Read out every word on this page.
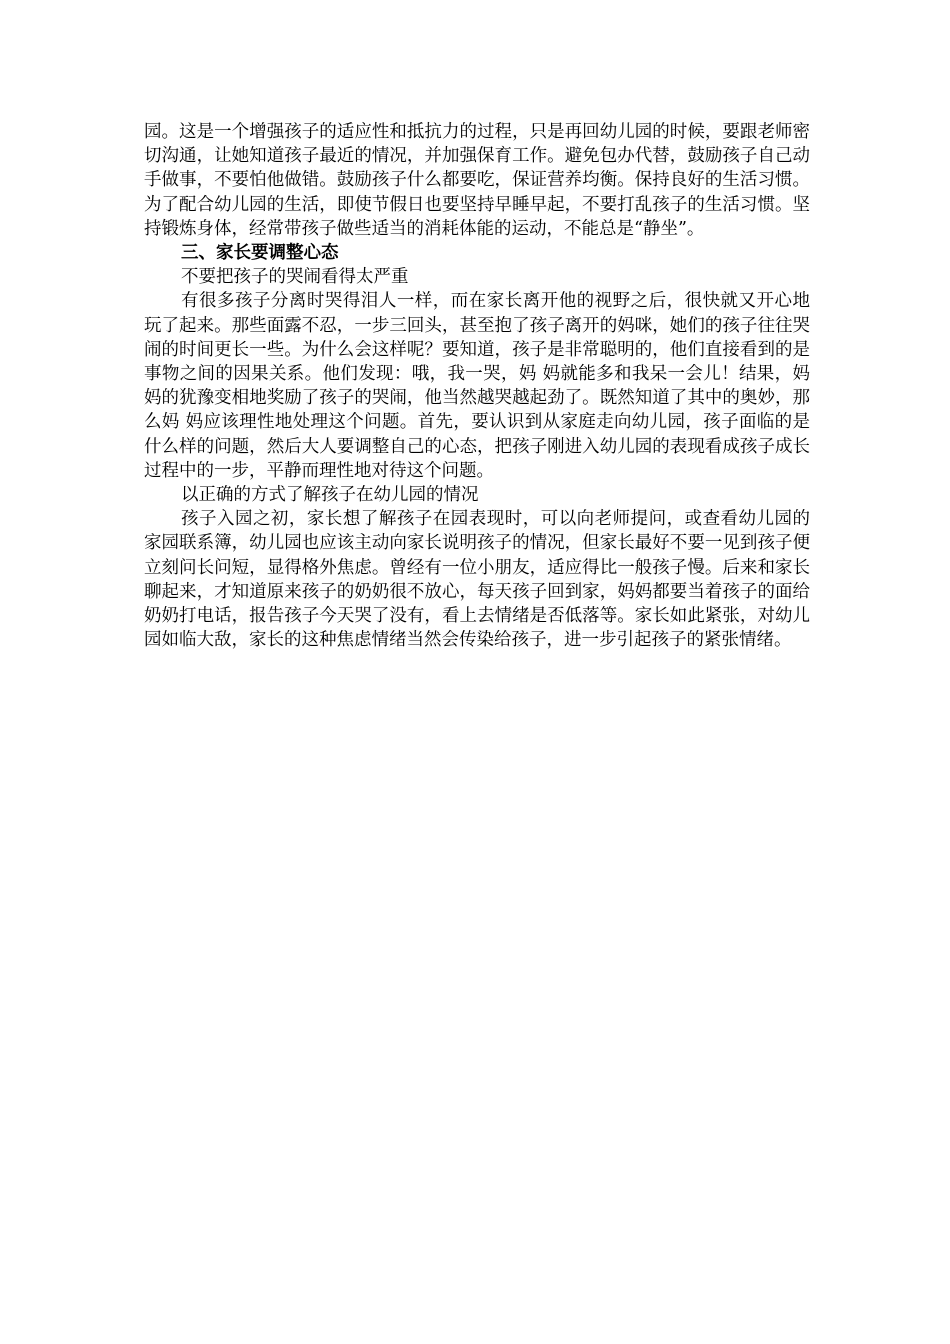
园。这是一个增强孩子的适应性和抵抗力的过程，只是再回幼儿园的时候，要跟老师密切沟通，让她知道孩子最近的情况，并加强保育工作。避免包办代替，鼓励孩子自己动手做事，不要怕他做错。鼓励孩子什么都要吃，保证营养均衡。保持良好的生活习惯。为了配合幼儿园的生活，即使节假日也要坚持早睡早起，不要打乱孩子的生活习惯。坚持锻炼身体，经常带孩子做些适当的消耗体能的运动，不能总是“静坐”。

三、家长要调整心态

不要把孩子的哭闹看得太严重

有很多孩子分离时哭得泪人一样，而在家长离开他的视野之后，很快就又开心地玩了起来。那些面露不忍，一步三回头，甚至抱了孩子离开的妈咪，她们的孩子往往哭闹的时间更长一些。为什么会这样呢？要知道，孩子是非常聪明的，他们直接看到的是事物之间的因果关系。他们发现：哦，我一哭，妈 妈就能多和我呆一会儿！结果，妈 妈的犹豫变相地奖励了孩子的哭闹，他当然越哭越起劲了。既然知道了其中的奥妙，那么妈 妈应该理性地处理这个问题。首先，要认识到从家庭走向幼儿园，孩子面临的是什么样的问题，然后大人要调整自己的心态，把孩子刚进入幼儿园的表现看成孩子成长过程中的一步，平静而理性地对待这个问题。

以正确的方式了解孩子在幼儿园的情况

孩子入园之初，家长想了解孩子在园表现时，可以向老师提问，或查看幼儿园的家园联系簿，幼儿园也应该主动向家长说明孩子的情况，但家长最好不要一见到孩子便立刻问长问短，显得格外焦虑。曾经有一位小朋友，适应得比一般孩子慢。后来和家长聊起来，才知道原来孩子的奶奶很不放心，每天孩子回到家，妈妈都要当着孩子的面给奶奶打电话，报告孩子今天哭了没有，看上去情绪是否低落等。家长如此紧张，对幼儿园如临大敌，家长的这种焦虑情绪当然会传染给孩子，进一步引起孩子的紧张情绪。
